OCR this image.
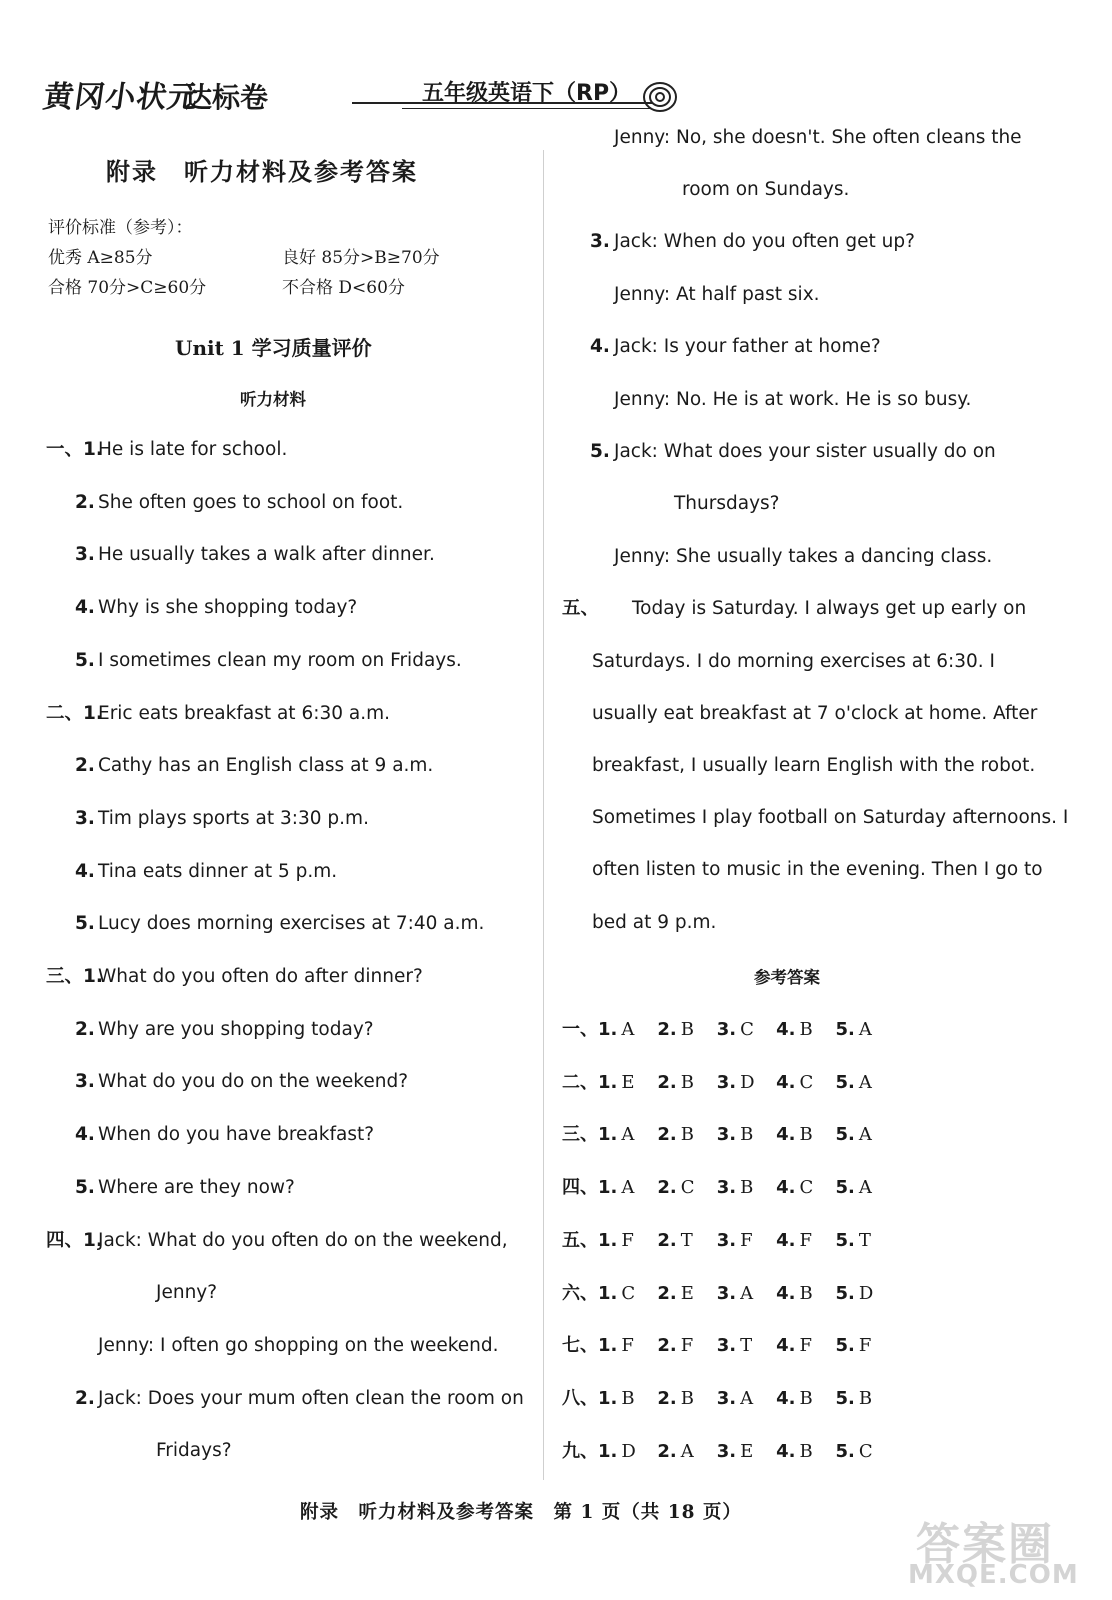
黄冈小状元
达标卷	五年级英语下（RP）
附录　听力材料及参考答案
评价标准（参考）：
优秀 A≥85分	良好 85分>B≥70分
合格 70分>C≥60分	不合格 D<60分
Unit 1 学习质量评价
听力材料
一、1.
He is late for school.
2. She often goes to school on foot.
3. He usually takes a walk after dinner.
4. Why is she shopping today?
5. I sometimes clean my room on Fridays.
二、1.
Eric eats breakfast at 6:30 a.m.
2. Cathy has an English class at 9 a.m.
3. Tim plays sports at 3:30 p.m.
4. Tina eats dinner at 5 p.m.
5. Lucy does morning exercises at 7:40 a.m.
三、1.
What do you often do after dinner?
2. Why are you shopping today?
3. What do you do on the weekend?
4. When do you have breakfast?
5. Where are they now?
四、1.
Jack: What do you often do on the weekend,
Jenny?
Jenny: I often go shopping on the weekend.
2. Jack: Does your mum often clean the room on
Fridays?
Jenny: No, she doesn't. She often cleans the
room on Sundays.
3. Jack: When do you often get up?
Jenny: At half past six.
4. Jack: Is your father at home?
Jenny: No. He is at work. He is so busy.
5. Jack: What does your sister usually do on
Thursdays?
Jenny: She usually takes a dancing class.
五、 Today is Saturday. I always get up early on
Saturdays. I do morning exercises at 6:30. I
usually eat breakfast at 7 o'clock at home. After
breakfast, I usually learn English with the robot.
Sometimes I play football on Saturday afternoons. I
often listen to music in the evening. Then I go to
bed at 9 p.m.
参考答案
一、1. A 2. B 3. C 4. B 5. A
二、1. E 2. B 3. D 4. C 5. A
三、1. A 2. B 3. B 4. B 5. A
四、1. A 2. C 3. B 4. C 5. A
五、1. F 2. T 3. F 4. F 5. T
六、1. C 2. E 3. A 4. B 5. D
七、1. F 2. F 3. T 4. F 5. F
八、1. B 2. B 3. A 4. B 5. B
九、1. D 2. A 3. E 4. B 5. C
附录　听力材料及参考答案　第 1 页（共 18 页）
答案圈
MXQE.COM
